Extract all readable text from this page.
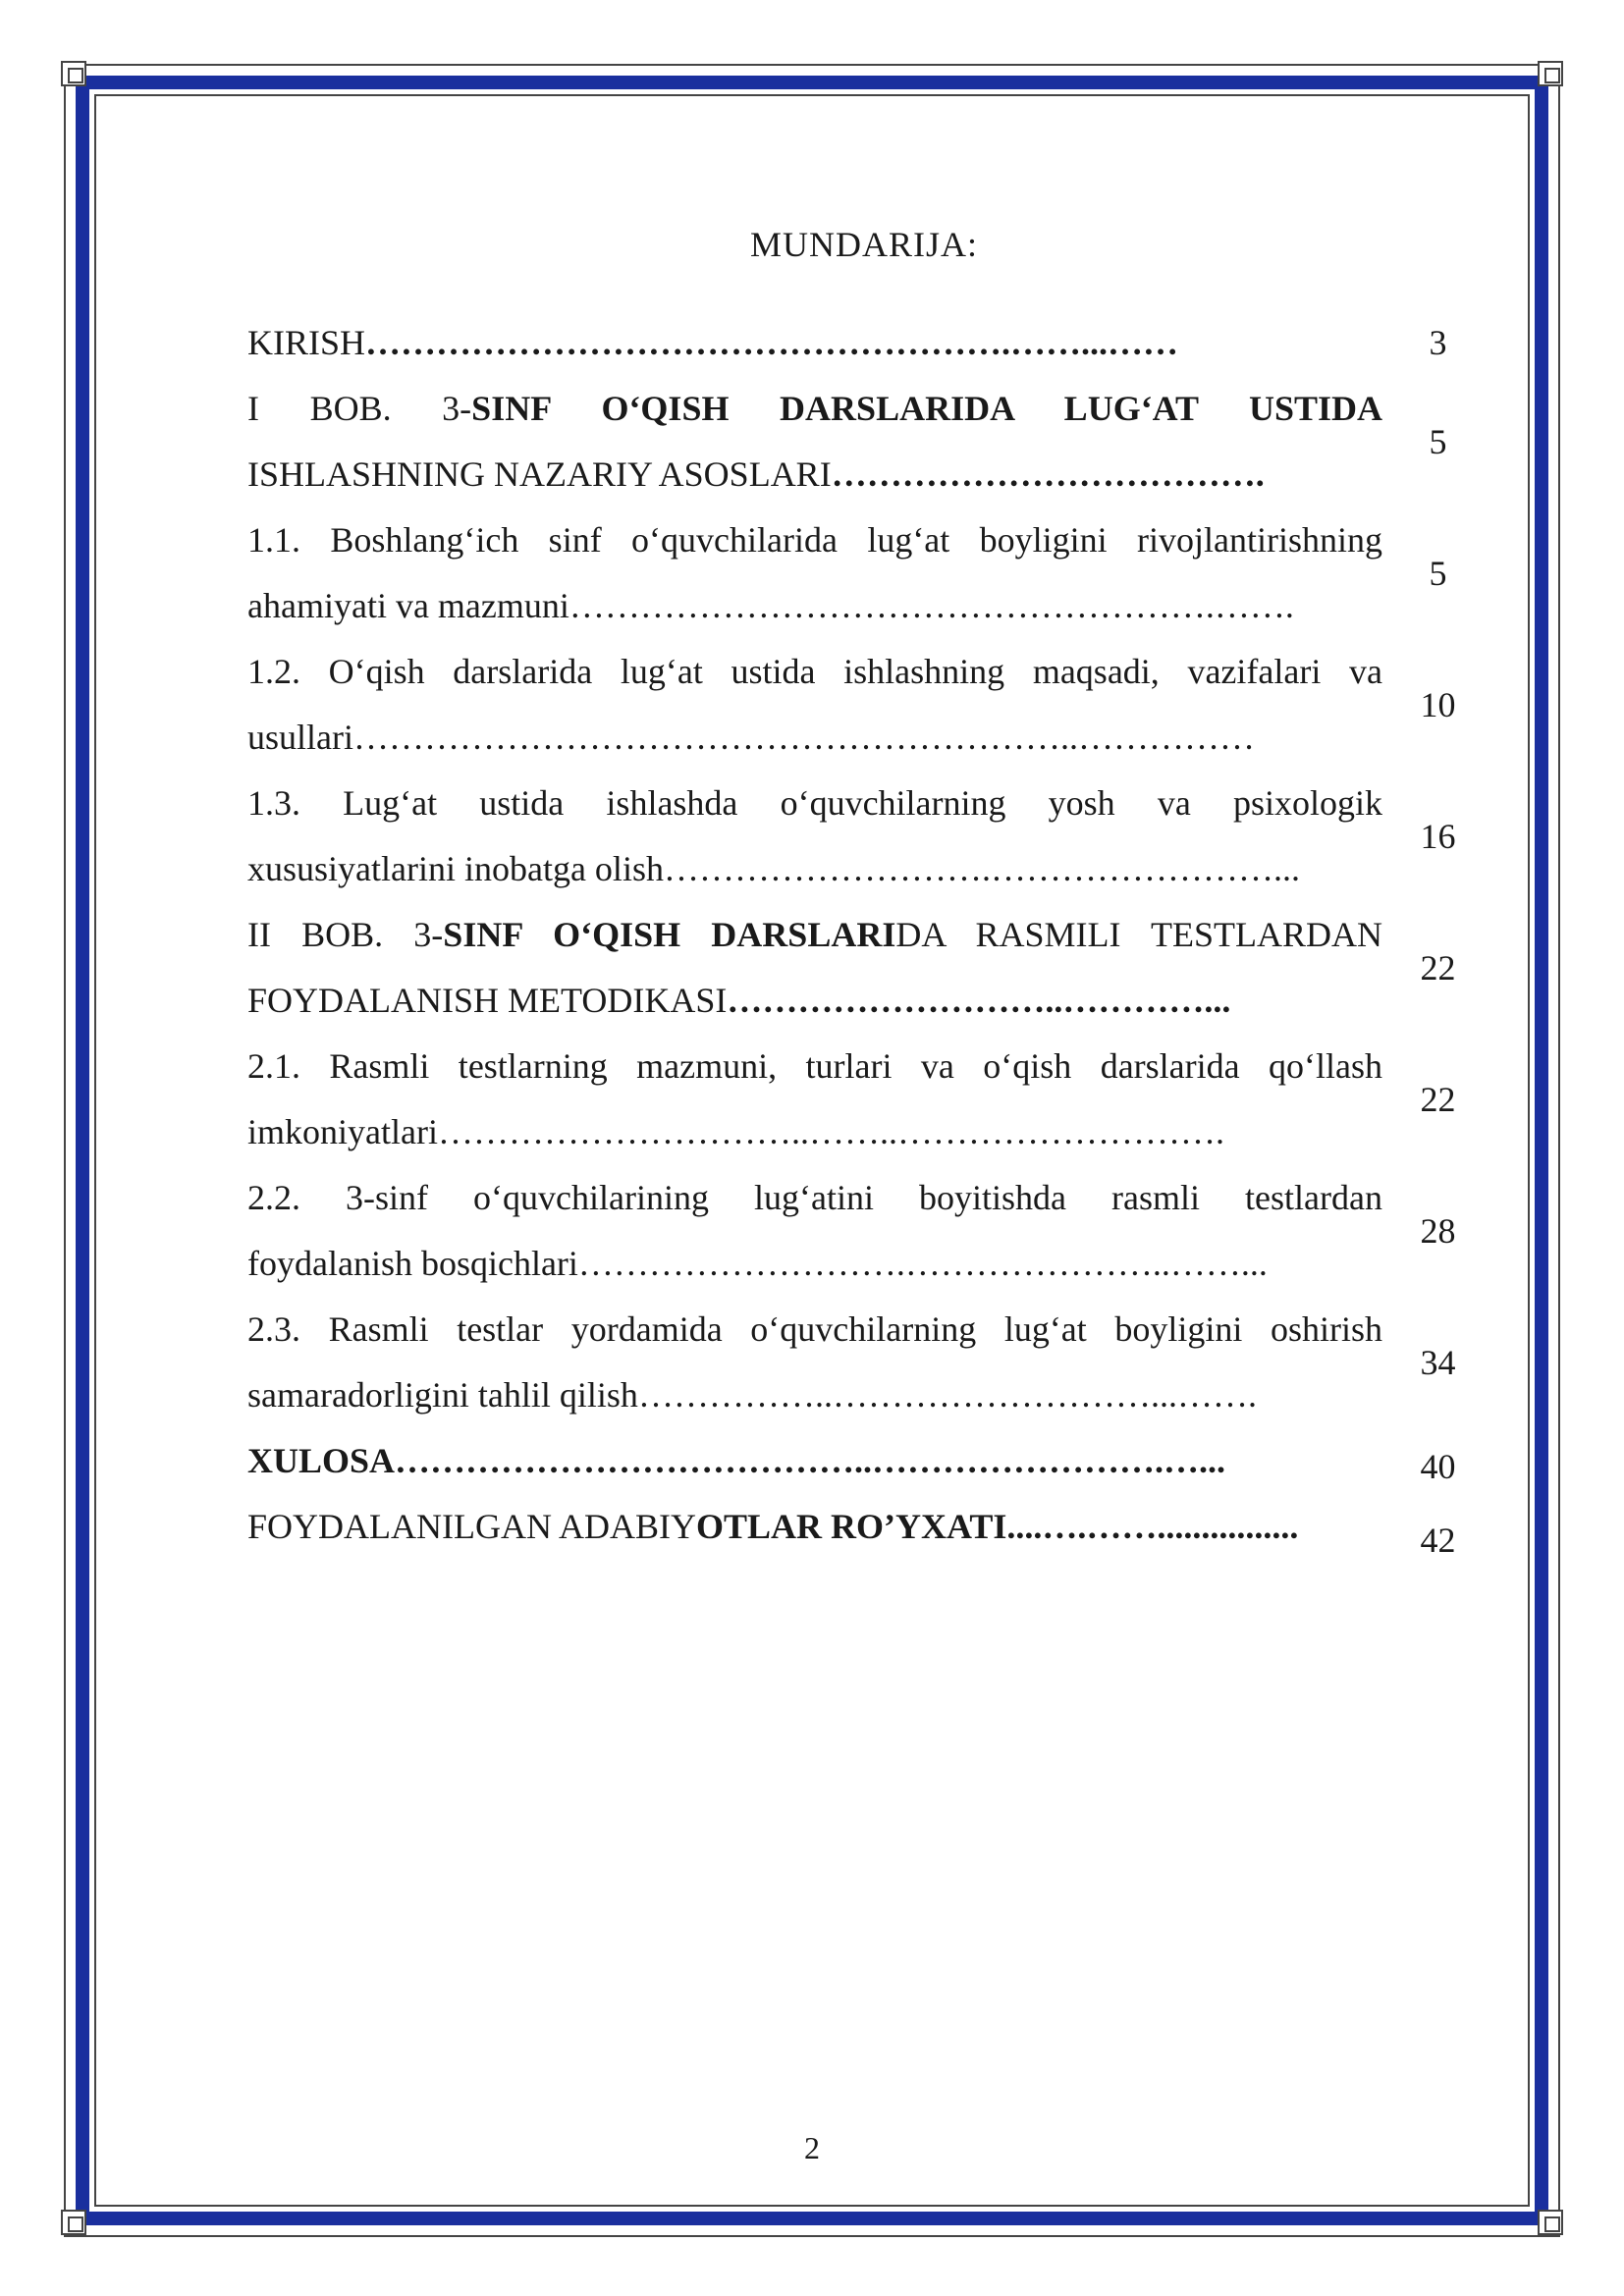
MUNDARIJA:
3
KIRISH……………………………………………….……...……
5
I BOB. 3-SINF O‘QISH DARSLARIDA LUG‘AT USTIDA
ISHLASHNING NAZARIY ASOSLARI……………………………….
5
1.1. Boshlang‘ich sinf o‘quvchilarida lug‘at boyligini rivojlantirishning
ahamiyati va mazmuni……………………………………………….…….
10
1.2. O‘qish darslarida lug‘at ustida ishlashning maqsadi, vazifalari va
usullari……………………………………………………..……………
16
1.3. Lug‘at ustida ishlashda o‘quvchilarning yosh va psixologik
xususiyatlarini inobatga olish……………………….……………………...
22
II BOB. 3-SINF O‘QISH DARSLARIDA RASMILI TESTLARDAN
FOYDALANISH METODIKASI………………………..…………...
22
2.1. Rasmli testlarning mazmuni, turlari va o‘qish darslarida qo‘llash
imkoniyatlari…………………………..……..……………………….
28
2.2. 3-sinf o‘quvchilarining lug‘atini boyitishda rasmli testlardan
foydalanish bosqichlari……………………….…………………..……...
34
2.3. Rasmli testlar yordamida o‘quvchilarning lug‘at boyligini oshirish
samaradorligini tahlil qilish……………..………………………...…….
40
XULOSA…………………………………..…………………….…...
42
FOYDALANILGAN ADABIYOTLAR RO’YXATI....….……................
2
